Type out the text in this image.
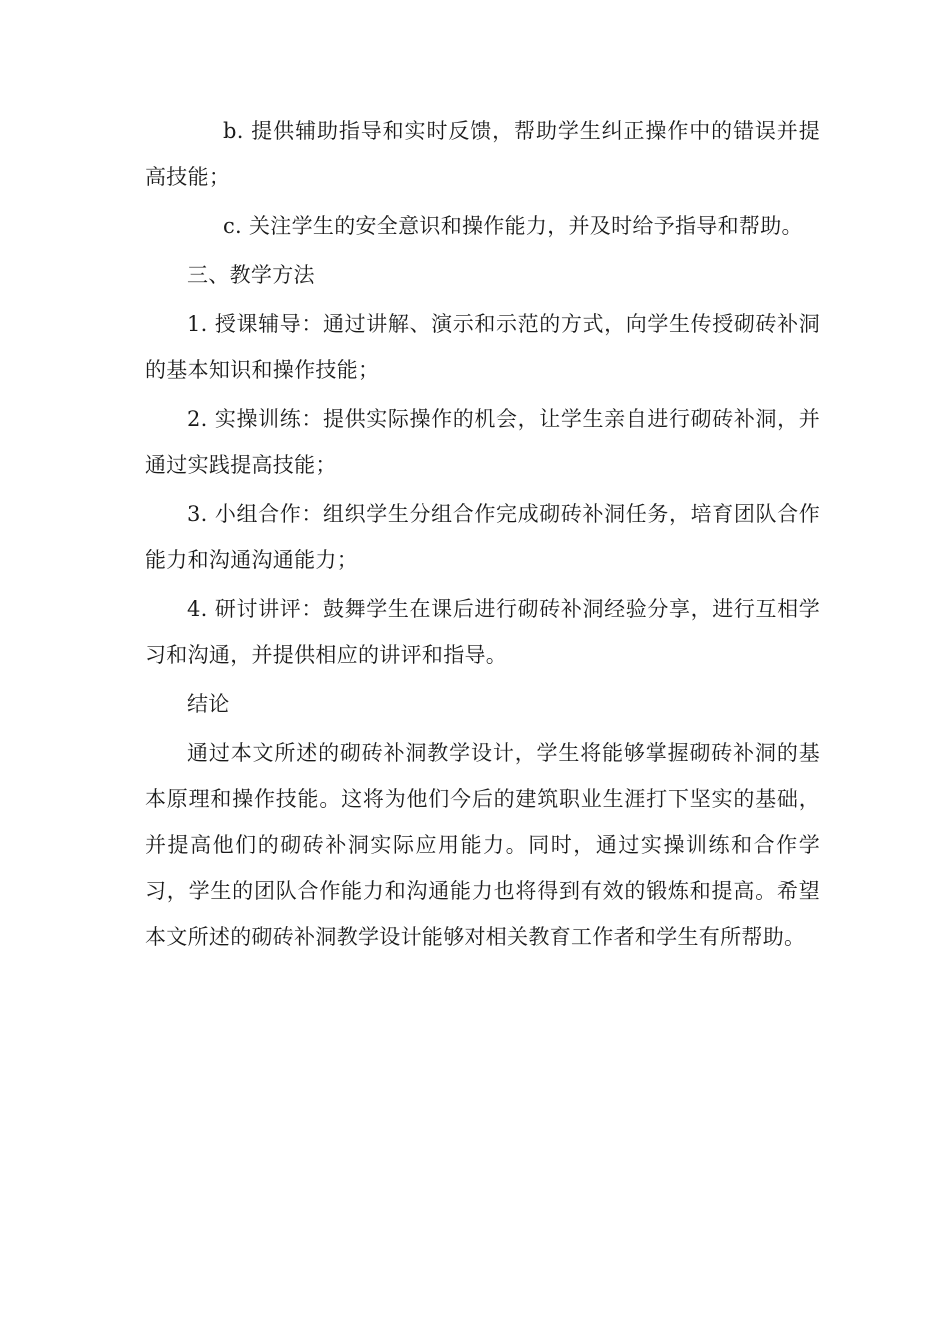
b. 提供辅助指导和实时反馈，帮助学生纠正操作中的错误并提高技能；

c. 关注学生的安全意识和操作能力，并及时给予指导和帮助。

三、教学方法

1. 授课辅导：通过讲解、演示和示范的方式，向学生传授砌砖补洞的基本知识和操作技能；

2. 实操训练：提供实际操作的机会，让学生亲自进行砌砖补洞，并通过实践提高技能；

3. 小组合作：组织学生分组合作完成砌砖补洞任务，培育团队合作能力和沟通沟通能力；

4. 研讨讲评：鼓舞学生在课后进行砌砖补洞经验分享，进行互相学习和沟通，并提供相应的讲评和指导。

结论

通过本文所述的砌砖补洞教学设计，学生将能够掌握砌砖补洞的基本原理和操作技能。这将为他们今后的建筑职业生涯打下坚实的基础，并提高他们的砌砖补洞实际应用能力。同时，通过实操训练和合作学习，学生的团队合作能力和沟通能力也将得到有效的锻炼和提高。希望本文所述的砌砖补洞教学设计能够对相关教育工作者和学生有所帮助。
